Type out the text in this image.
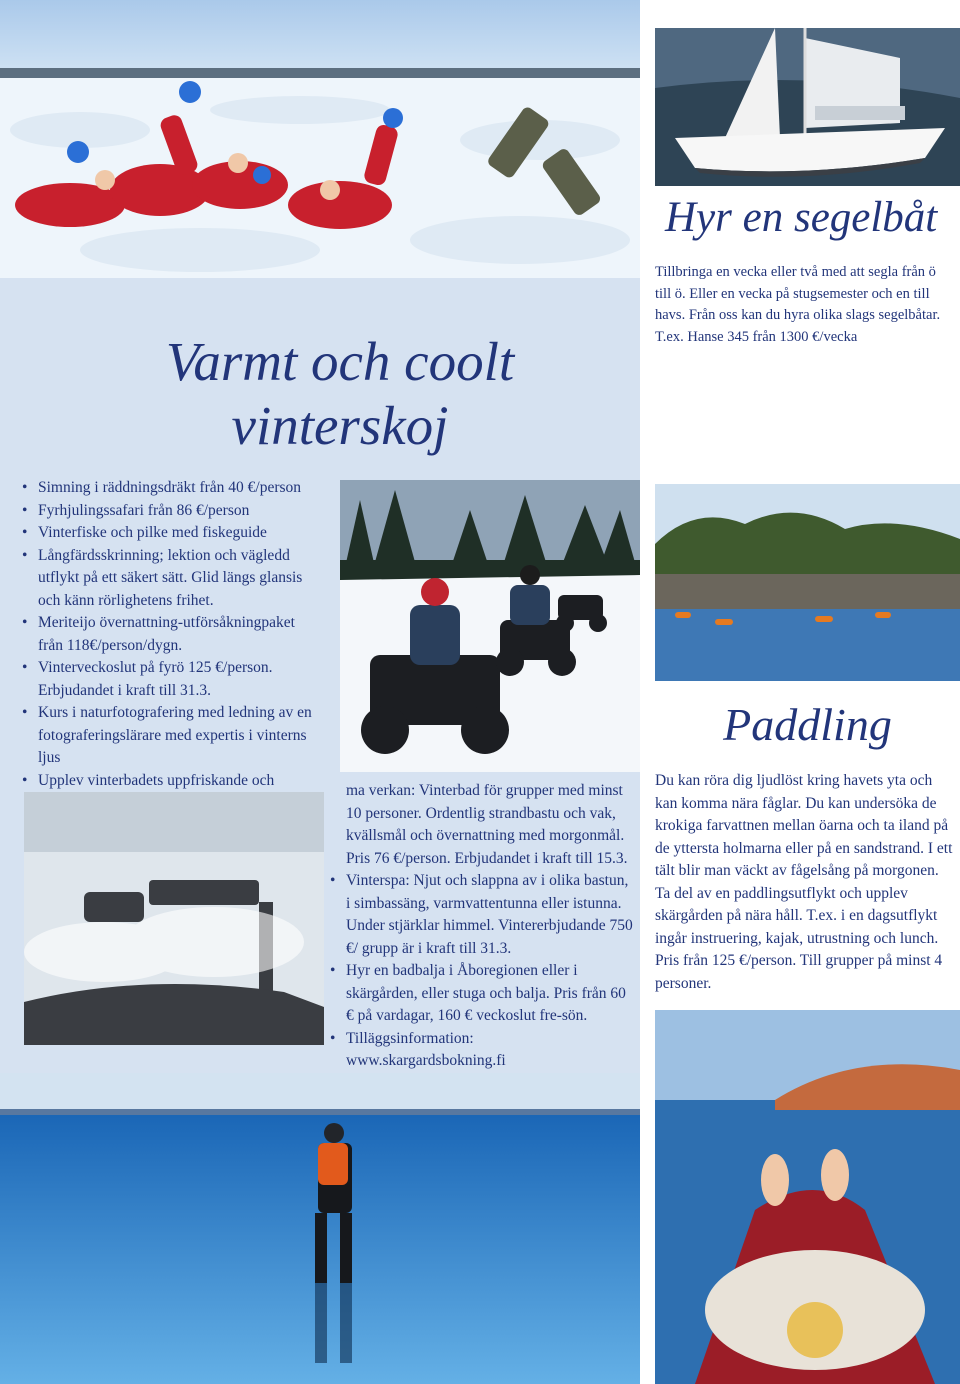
Hyr en segelbåt

Tillbringa en vecka eller två med att segla från ö till ö. Eller en vecka på stugsemester och en till havs. Från oss kan du hyra olika slags segelbåtar. T.ex. Hanse 345 från 1300 €/vecka

Varmt och coolt
vinterskoj
• Simning i räddningsdräkt från 40 €/person
• Fyrhjulingssafari från 86 €/person
• Vinterfiske och pilke med fiskeguide
• Långfärdsskrinning; lektion och vägledd utflykt på ett säkert sätt. Glid längs glansis och känn rörlighetens frihet.
• Meriteijo övernattning-utförsåkningpaket från 118€/person/dygn.
• Vinterveckoslut på fyrö 125 €/person. Erbjudandet i kraft till 31.3.
• Kurs i naturfotografering med ledning av en fotograferingslärare med expertis i vinterns ljus
• Upplev vinterbadets uppfriskande och

ma verkan: Vinterbad för grupper med minst 10 personer. Ordentlig strandbastu och vak, kvällsmål och övernattning med morgonmål. Pris 76 €/person. Erbjudandet i kraft till 15.3.

• Vinterspa: Njut och slappna av i olika bastun, i simbassäng, varmvattentunna eller istunna. Under stjärklar himmel. Vintererbjudande 750 €/ grupp är i kraft till 31.3.
• Hyr en badbalja i Åboregionen eller i skärgården, eller stuga och balja. Pris från 60 € på vardagar, 160 € veckoslut fre-sön.
• Tilläggsinformation: www.skargardsbokning.fi
Paddling

Du kan röra dig ljudlöst kring havets yta och kan komma nära fåglar. Du kan undersöka de krokiga farvattnen mellan öarna och ta iland på de yttersta holmarna eller på en sandstrand. I ett tält blir man väckt av fågelsång på morgonen. Ta del av en paddlingsutflykt och upplev skärgården på nära håll. T.ex. i en dagsutflykt ingår instruering, kajak, utrustning och lunch. Pris från 125 €/person. Till grupper på minst 4 personer.
